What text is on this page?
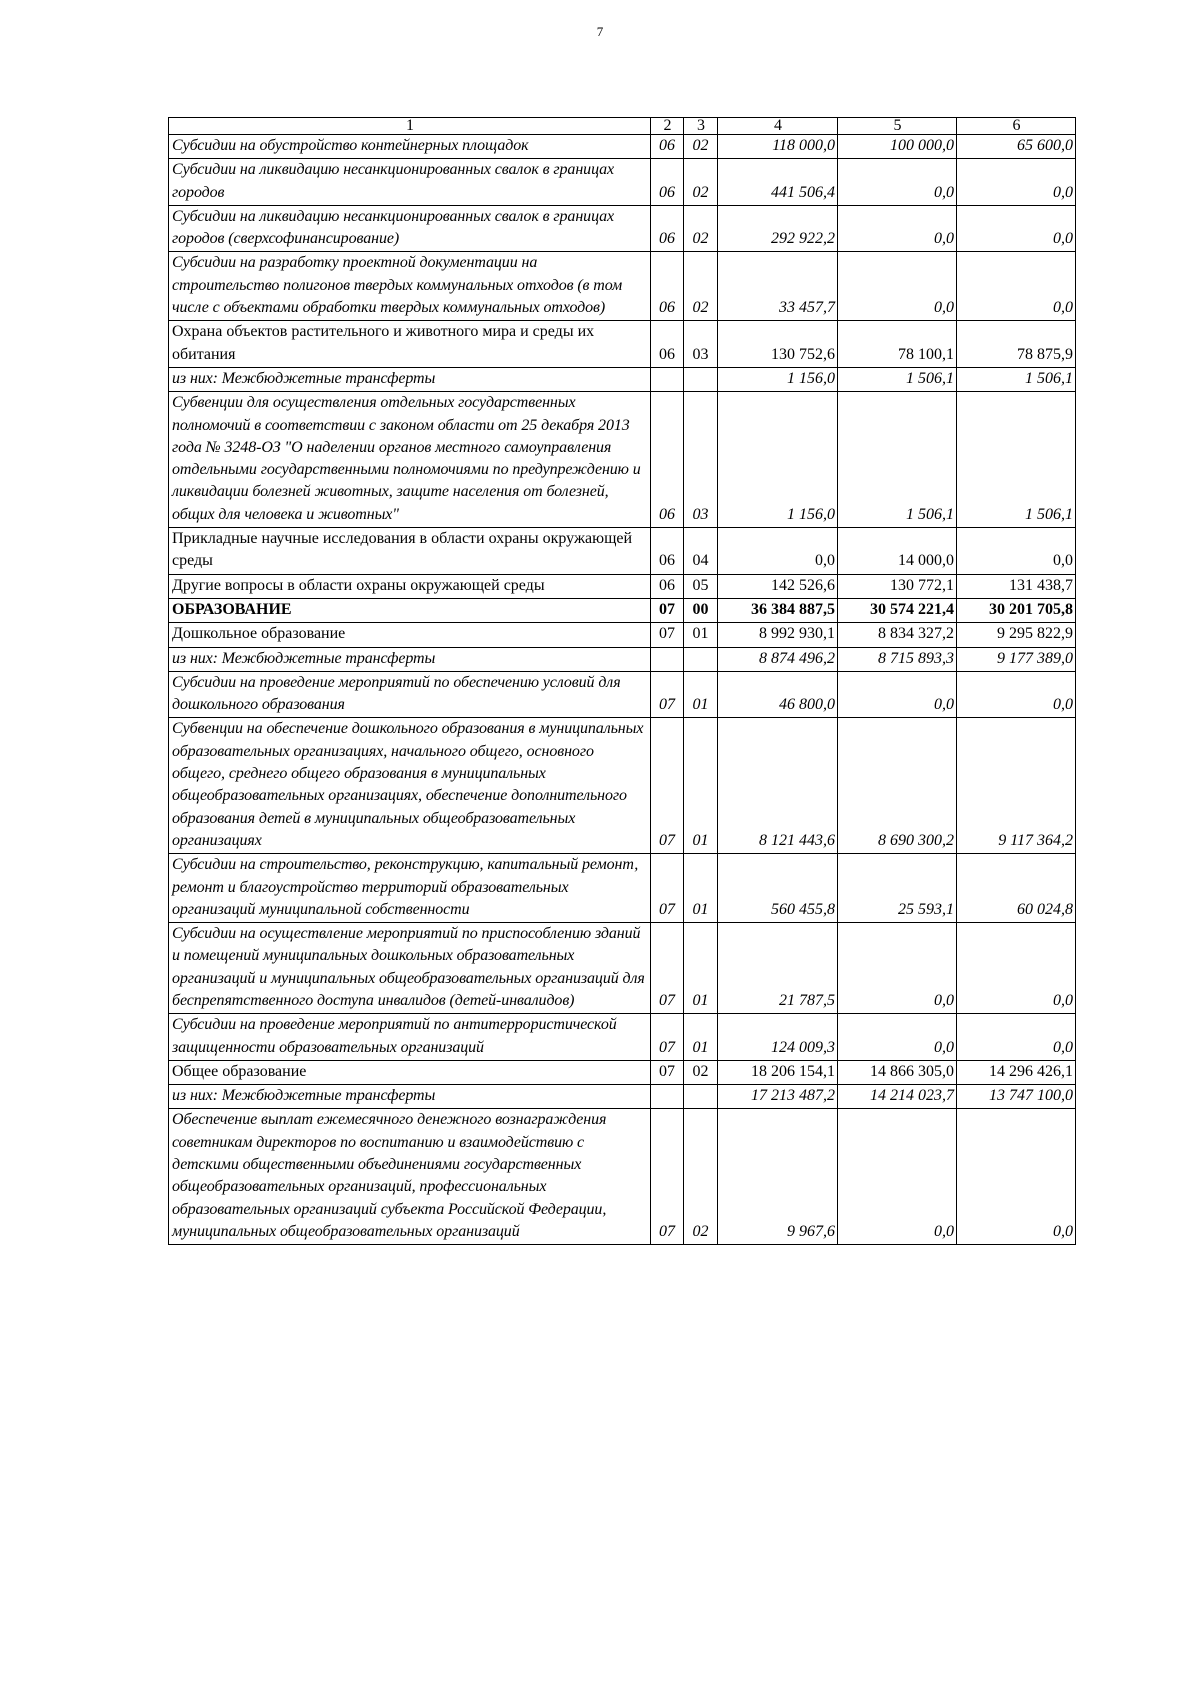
7
1	2	3	4	5	6
Субсидии на обустройство контейнерных площадок	06	02	118 000,0	100 000,0	65 600,0
Субсидии на ликвидацию несанкционированных свалок в границах городов	06	02	441 506,4	0,0	0,0
Субсидии на ликвидацию несанкционированных свалок в границах городов (сверхсофинансирование)	06	02	292 922,2	0,0	0,0
Субсидии на разработку проектной документации на строительство полигонов твердых коммунальных отходов (в том числе с объектами обработки твердых коммунальных отходов)	06	02	33 457,7	0,0	0,0
Охрана объектов растительного и животного мира и среды их обитания	06	03	130 752,6	78 100,1	78 875,9
из них: Межбюджетные трансферты			1 156,0	1 506,1	1 506,1
Субвенции для осуществления отдельных государственных полномочий в соответствии с законом области от 25 декабря 2013 года № 3248-ОЗ "О наделении органов местного самоуправления отдельными государственными полномочиями по предупреждению и ликвидации болезней животных, защите населения от болезней, общих для человека и животных"	06	03	1 156,0	1 506,1	1 506,1
Прикладные научные исследования в области охраны окружающей среды	06	04	0,0	14 000,0	0,0
Другие вопросы в области охраны окружающей среды	06	05	142 526,6	130 772,1	131 438,7
ОБРАЗОВАНИЕ	07	00	36 384 887,5	30 574 221,4	30 201 705,8
Дошкольное образование	07	01	8 992 930,1	8 834 327,2	9 295 822,9
из них: Межбюджетные трансферты			8 874 496,2	8 715 893,3	9 177 389,0
Субсидии на проведение мероприятий по обеспечению условий для дошкольного образования	07	01	46 800,0	0,0	0,0
Субвенции на обеспечение дошкольного образования в муниципальных образовательных организациях, начального общего, основного общего, среднего общего образования в муниципальных общеобразовательных организациях, обеспечение дополнительного образования детей в муниципальных общеобразовательных организациях	07	01	8 121 443,6	8 690 300,2	9 117 364,2
Субсидии на строительство, реконструкцию, капитальный ремонт, ремонт и благоустройство территорий образовательных организаций муниципальной собственности	07	01	560 455,8	25 593,1	60 024,8
Субсидии на осуществление мероприятий по приспособлению зданий и помещений муниципальных дошкольных образовательных организаций и муниципальных общеобразовательных организаций для беспрепятственного доступа инвалидов (детей-инвалидов)	07	01	21 787,5	0,0	0,0
Субсидии на проведение мероприятий по антитеррористической защищенности образовательных организаций	07	01	124 009,3	0,0	0,0
Общее образование	07	02	18 206 154,1	14 866 305,0	14 296 426,1
из них: Межбюджетные трансферты			17 213 487,2	14 214 023,7	13 747 100,0
Обеспечение выплат ежемесячного денежного вознаграждения советникам директоров по воспитанию и взаимодействию с детскими общественными объединениями государственных общеобразовательных организаций, профессиональных образовательных организаций субъекта Российской Федерации, муниципальных общеобразовательных организаций	07	02	9 967,6	0,0	0,0
